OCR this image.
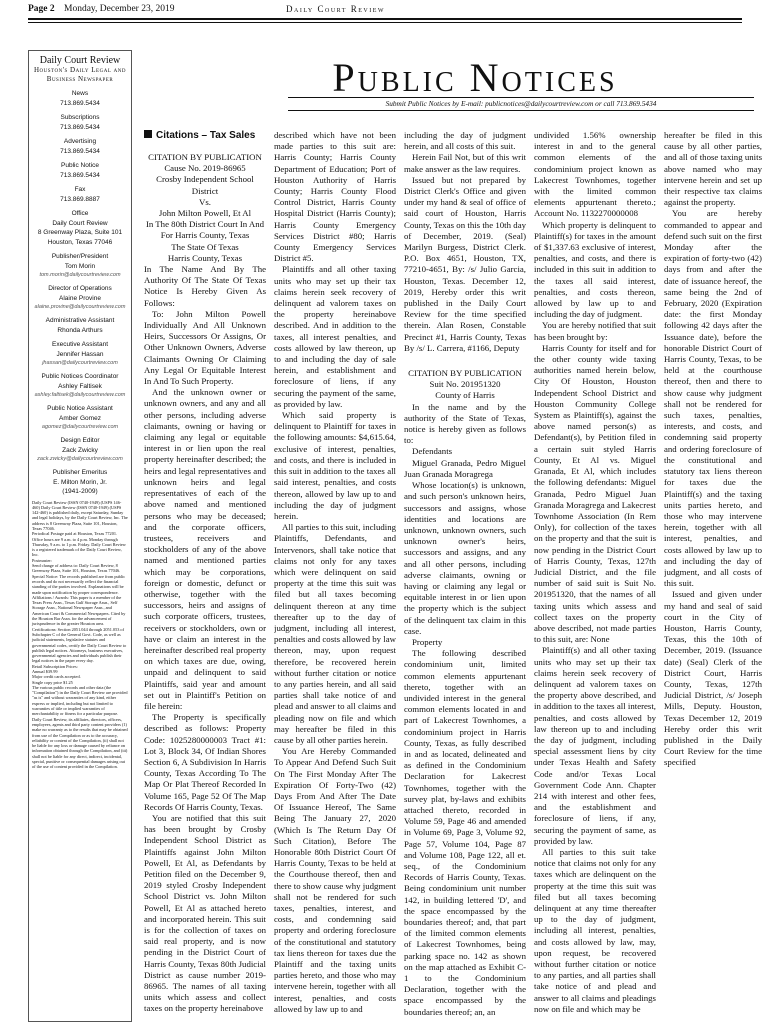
Page 2 Monday, December 23, 2019	Daily Court Review
Daily Court Review
Houston's Daily Legal and Business Newspaper
News
713.869.5434
Subscriptions
713.869.5434
Advertising
713.869.5434
Public Notice
713.869.5434
Fax
713.869.8887
Office
Daily Court Review
8 Greenway Plaza, Suite 101
Houston, Texas 77046
Publisher/President
Tom Morin
tom.morin@dailycourtreview.com
Director of Operations
Alaine Provine
alaine.provine@dailycourtreview.com
Administrative Assistant
Rhonda Arthurs
Executive Assistant
Jennifer Hassan
jhassan@dailycourtreview.com
Public Notices Coordinator
Ashley Faltisek
ashley.faltisek@dailycourtreview.com
Public Notice Assistant
Amber Gomez
agomez@dailycourtreview.com
Design Editor
Zack Zwicky
zack.zwicky@dailycourtreview.com
Publisher Emeritus
E. Milton Morin, Jr.
(1941-2009)
Daily Court Review (ISSN 0740-1949) (USPS 146-460) Daily Court Review (ISSN 0740-1949) (USPS 142-460) is published daily, except Saturday, Sunday and legal holidays, by the Daily Court Review, Inc. The address is 8 Greenway Plaza, Suite 101, Houston, Texas 77046.
Periodical Postage paid at Houston, Texas 77201.
Office hours are 9 a.m. to 4 p.m. Monday through Thursday, 9 a.m. to 1 p.m. Friday. Daily Court Review is a registered trademark of the Daily Court Review, Inc.
Postmaster:
Send change of address to: Daily Court Review, 8 Greenway Plaza, Suite 101, Houston, Texas 77046.
Special Notice: The records published are from public records and do not necessarily reflect the financial standing of the parties involved. Explanations will be made upon notification by proper correspondence.
Affiliations / Awards: This paper is a member of the Texas Press Assn., Texas Gulf Storage Assn., Self Storage Assn., National Newspaper Assn., and American Court & Commercial Newspapers. Cited by the Houston Bar Assn. for the advancement of jurisprudence in the greater Houston area.
Certifications: Section 2051.044 through 2051.053 of Subchapter C of the General Govt. Code, as well as judicial statements, legislative statutes and governmental codes, certify the Daily Court Review to publish legal notices. Attorneys, business executives, governmental agencies and individuals publish their legal notices in the paper every day.
Retail Subscription Prices:
Annual $39.99
Major credit cards accepted.
Single copy price $1.25
The various public records and other data (the "Compilation") in the Daily Court Review are provided "as is" and without warranties of any kind, either express or implied, including but not limited to warranties of title or implied warranties of merchantability or fitness for a particular purpose. Daily Court Review, its affiliates, directors, officers, employees, agents and third party content providers (1) make no warranty as to the results that may be obtained from use of the Compilation or as to the accuracy, reliability or content of the Compilation, (ii) shall not be liable for any loss or damage caused by reliance on information obtained through the Compilation, and (iii) shall not be liable for any direct, indirect, incidental, special, punitive or consequential damages arising out of the use of content provided in the Compilation.
Public Notices
Submit Public Notices by E-mail: publicnotices@dailycourtreview.com or call 713.869.5434

Citations – Tax Sales

CITATION BY PUBLICATION

Cause No. 2019-86965

Crosby Independent School District

Vs.

John Milton Powell, Et Al

In The 80th District Court In And For Harris County, Texas

The State Of Texas

Harris County, Texas

In The Name And By The Authority Of The State Of Texas Notice Is Hereby Given As Follows:

To: John Milton Powell Individually And All Unknown Heirs, Successors Or Assigns, Or Other Unknown Owners, Adverse Claimants Owning Or Claiming Any Legal Or Equitable Interest In And To Such Property.

And the unknown owner or unknown owners, and any and all other persons, including adverse claimants, owning or having or claiming any legal or equitable interest in or lien upon the real property hereinafter described; the heirs and legal representatives and unknown heirs and legal representatives of each of the above named and mentioned persons who may be deceased; and the corporate officers, trustees, receivers and stockholders of any of the above named and mentioned parties which may be corporations, foreign or domestic, defunct or otherwise, together with the successors, heirs and assigns of such corporate officers, trustees, receivers or stockholders, own or have or claim an interest in the hereinafter described real property on which taxes are due, owing, unpaid and delinquent to said Plaintiffs, said year and amount set out in Plaintiff's Petition on file herein:

The Property is specifically described as follows: Property Code: 1025280000003 Tract #1: Lot 3, Block 34, Of Indian Shores Section 6, A Subdivision In Harris County, Texas According To The Map Or Plat Thereof Recorded In Volume 165, Page 52 Of The Map Records Of Harris County, Texas.

You are notified that this suit has been brought by Crosby Independent School District as Plaintiffs against John Milton Powell, Et Al, as Defendants by Petition filed on the December 9, 2019 styled Crosby Independent School District vs. John Milton Powell, Et Al as attached hereto and incorporated herein. This suit is for the collection of taxes on said real property, and is now pending in the District Court of Harris County, Texas 80th Judicial District as cause number 2019-86965. The names of all taxing units which assess and collect taxes on the property hereinabove

described which have not been made parties to this suit are: Harris County; Harris County Department of Education; Port of Houston Authority of Harris County; Harris County Flood Control District, Harris County Hospital District (Harris County); Harris County Emergency Services District #80; Harris County Emergency Services District #5.

Plaintiffs and all other taxing units who may set up their tax claims herein seek recovery of delinquent ad valorem taxes on the property hereinabove described. And in addition to the taxes, all interest penalties, and costs allowed by law thereon, up to and including the day of sale herein, and establishment and foreclosure of liens, if any securing the payment of the same, as provided by law.

Which said property is delinquent to Plaintiff for taxes in the following amounts: $4,615.64, exclusive of interest, penalties, and costs, and there is included in this suit in addition to the taxes all said interest, penalties, and costs thereon, allowed by law up to and including the day of judgment herein.

All parties to this suit, including Plaintiffs, Defendants, and Intervenors, shall take notice that claims not only for any taxes which were delinquent on said property at the time this suit was filed but all taxes becoming delinquent thereon at any time thereafter up to the day of judgment, including all interest, penalties and costs allowed by law thereon, may, upon request therefore, be recovered herein without further citation or notice to any parties herein, and all said parties shall take notice of and plead and answer to all claims and pleading now on file and which may hereafter be filed in this cause by all other parties herein.

You Are Hereby Commanded To Appear And Defend Such Suit On The First Monday After The Expiration Of Forty-Two (42) Days From And After The Date Of Issuance Hereof, The Same Being The January 27, 2020 (Which Is The Return Day Of Such Citation), Before The Honorable 80th District Court Of Harris County, Texas to be held at the Courthouse thereof, then and there to show cause why judgment shall not be rendered for such taxes, penalties, interest, and costs, and condemning said property and ordering foreclosure of the constitutional and statutory tax liens thereon for taxes due the Plaintiff and the taxing units parties hereto, and those who may intervene herein, together with all interest, penalties, and costs allowed by law up to and

including the day of judgment herein, and all costs of this suit.

Herein Fail Not, but of this writ make answer as the law requires.

Issued but not prepared by District Clerk's Office and given under my hand & seal of office of said court of Houston, Harris County, Texas on this the 10th day of December, 2019. (Seal) Marilyn Burgess, District Clerk. P.O. Box 4651, Houston, TX, 77210-4651, By: /s/ Julio Garcia, Houston, Texas. December 12, 2019, Hereby order this writ published in the Daily Court Review for the time specified therein. Alan Rosen, Constable Precinct #1, Harris County, Texas By /s/ L. Carrera, #1166, Deputy

CITATION BY PUBLICATION

Suit No. 201951320

County of Harris

In the name and by the authority of the State of Texas, notice is hereby given as follows to:

Defendants

Miguel Granada, Pedro Miguel Juan Granada Moragrega

Whose location(s) is unknown, and such person's unknown heirs, successors and assigns, whose identities and locations are unknown, unknown owners, such unknown owner's heirs, successors and assigns, and any and all other persons, including adverse claimants, owning or having or claiming any legal or equitable interest in or lien upon the property which is the subject of the delinquent tax claim in this case.

Property

The following described condominium unit, limited common elements appurtenant thereto, together with an undivided interest in the general common elements located in and part of Lakecrest Townhomes, a condominium project in Harris County, Texas, as fully described in and as located, delineated and as defined in the Condominium Declaration for Lakecrest Townhomes, together with the survey plat, by-laws and exhibits attached thereto, recorded in Volume 59, Page 46 and amended in Volume 69, Page 3, Volume 92, Page 57, Volume 104, Page 87 and Volume 108, Page 122, all et. seq., of the Condominium Records of Harris County, Texas. Being condominium unit number 142, in building lettered 'D', and the space encompassed by the boundaries thereof; and, that part of the limited common elements of Lakecrest Townhomes, being parking space no. 142 as shown on the map attached as Exhibit C-1 to the Condominium Declaration, together with the space encompassed by the boundaries thereof; an, an

undivided 1.56% ownership interest in and to the general common elements of the condominium project known as Lakecrest Townhomes, together with the limited common elements appurtenant thereto.; Account No. 1132270000008

Which property is delinquent to Plaintiff(s) for taxes in the amount of $1,337.63 exclusive of interest, penalties, and costs, and there is included in this suit in addition to the taxes all said interest, penalties, and costs thereon, allowed by law up to and including the day of judgment.

You are hereby notified that suit has been brought by:

Harris County for itself and for the other county wide taxing authorities named herein below, City Of Houston, Houston Independent School District and Houston Community College System as Plaintiff(s), against the above named person(s) as Defendant(s), by Petition filed in a certain suit styled Harris County, Et Al vs. Miguel Granada, Et Al, which includes the following defendants: Miguel Granada, Pedro Miguel Juan Granada Moragrega and Lakecrest Townhome Association (In Rem Only), for collection of the taxes on the property and that the suit is now pending in the District Court of Harris County, Texas, 127th Judicial District, and the file number of said suit is Suit No. 201951320, that the names of all taxing units which assess and collect taxes on the property above described, not made parties to this suit, are: None

Plaintiff(s) and all other taxing units who may set up their tax claims herein seek recovery of delinquent ad valorem taxes on the property above described, and in addition to the taxes all interest, penalties, and costs allowed by law thereon up to and including the day of judgment, including special assessment liens by city under Texas Health and Safety Code and/or Texas Local Government Code Ann. Chapter 214 with interest and other fees, and the establishment and foreclosure of liens, if any, securing the payment of same, as provided by law.

All parties to this suit take notice that claims not only for any taxes which are delinquent on the property at the time this suit was filed but all taxes becoming delinquent at any time thereafter up to the day of judgment, including all interest, penalties, and costs allowed by law, may, upon request, be recovered without further citation or notice to any parties, and all parties shall take notice of and plead and answer to all claims and pleadings now on file and which may be

hereafter be filed in this cause by all other parties, and all of those taxing units above named who may intervene herein and set up their respective tax claims against the property.

You are hereby commanded to appear and defend such suit on the first Monday after the expiration of forty-two (42) days from and after the date of issuance hereof, the same being the 2nd of February, 2020 (Expiration date: the first Monday following 42 days after the Issuance date), before the honorable District Court of Harris County, Texas, to be held at the courthouse thereof, then and there to show cause why judgment shall not be rendered for such taxes, penalties, interests, and costs, and condemning said property and ordering foreclosure of the constitutional and statutory tax liens thereon for taxes due the Plaintiff(s) and the taxing units parties hereto, and those who may intervene herein, together with all interest, penalties, and costs allowed by law up to and including the day of judgment, and all costs of this suit.

Issued and given under my hand and seal of said court in the City of Houston, Harris County, Texas, this the 10th of December, 2019. (Issuance date) (Seal) Clerk of the District Court, Harris County, Texas, 127th Judicial District, /s/ Joseph Mills, Deputy. Houston, Texas December 12, 2019 Hereby order this writ published in the Daily Court Review for the time specified
